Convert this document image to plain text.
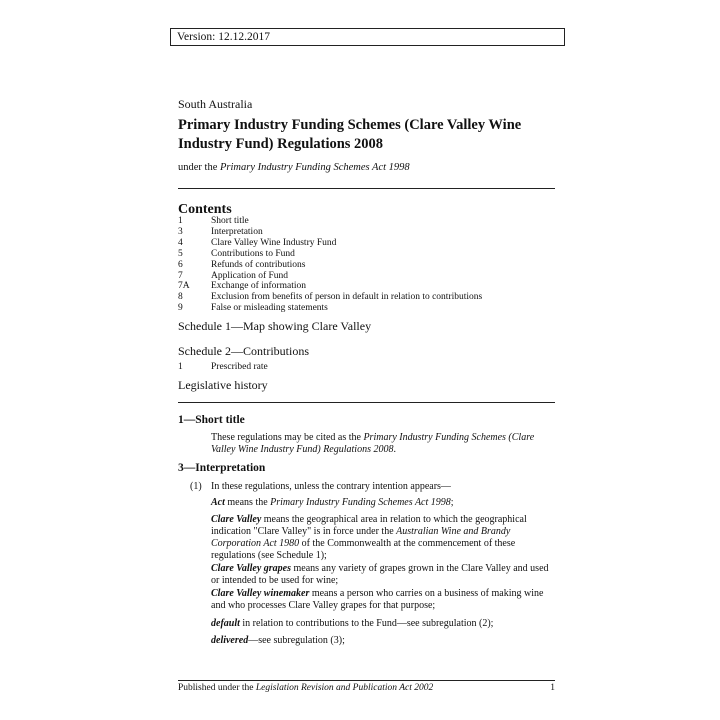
Version: 12.12.2017
South Australia
Primary Industry Funding Schemes (Clare Valley Wine Industry Fund) Regulations 2008
under the Primary Industry Funding Schemes Act 1998
Contents
1	Short title
3	Interpretation
4	Clare Valley Wine Industry Fund
5	Contributions to Fund
6	Refunds of contributions
7	Application of Fund
7A	Exchange of information
8	Exclusion from benefits of person in default in relation to contributions
9	False or misleading statements
Schedule 1—Map showing Clare Valley
Schedule 2—Contributions
1	Prescribed rate
Legislative history
1—Short title
These regulations may be cited as the Primary Industry Funding Schemes (Clare Valley Wine Industry Fund) Regulations 2008.
3—Interpretation
(1) In these regulations, unless the contrary intention appears—
Act means the Primary Industry Funding Schemes Act 1998;
Clare Valley means the geographical area in relation to which the geographical indication "Clare Valley" is in force under the Australian Wine and Brandy Corporation Act 1980 of the Commonwealth at the commencement of these regulations (see Schedule 1);
Clare Valley grapes means any variety of grapes grown in the Clare Valley and used or intended to be used for wine;
Clare Valley winemaker means a person who carries on a business of making wine and who processes Clare Valley grapes for that purpose;
default in relation to contributions to the Fund—see subregulation (2);
delivered—see subregulation (3);
Published under the Legislation Revision and Publication Act 2002	1
